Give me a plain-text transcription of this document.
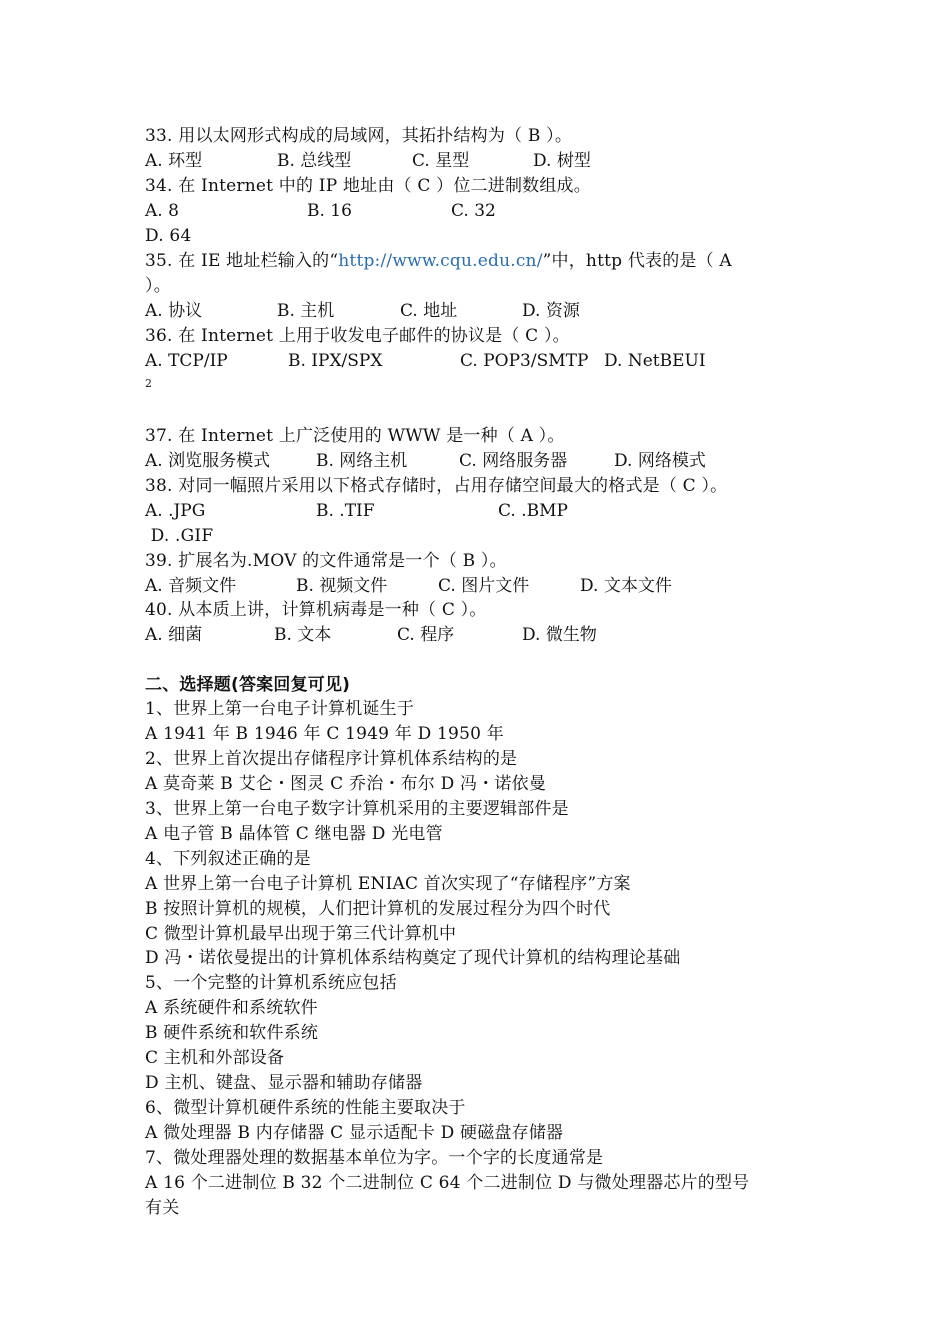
33. 用以太网形式构成的局域网，其拓扑结构为（ B ）。
A. 环型	B. 总线型	C. 星型	D. 树型
34. 在 Internet 中的 IP 地址由（ C ）位二进制数组成。
A. 8	B. 16	C. 32
D. 64
35. 在 IE 地址栏输入的“http://www.cqu.edu.cn/”中，http 代表的是（ A
）。
A. 协议	B. 主机	C. 地址	D. 资源
36. 在 Internet 上用于收发电子邮件的协议是（ C ）。
A. TCP/IP	B. IPX/SPX	C. POP3/SMTP D. NetBEUI
2
37. 在 Internet 上广泛使用的 WWW 是一种（ A ）。
A. 浏览服务模式	B. 网络主机	C. 网络服务器	D. 网络模式
38. 对同一幅照片采用以下格式存储时，占用存储空间最大的格式是（ C ）。
A. .JPG	B. .TIF	C. .BMP
D. .GIF
39. 扩展名为.MOV 的文件通常是一个（ B ）。
A. 音频文件	B. 视频文件	C. 图片文件	D. 文本文件
40. 从本质上讲，计算机病毒是一种（ C ）。
A. 细菌	B. 文本	C. 程序	D. 微生物
二、选择题(答案回复可见)
1、世界上第一台电子计算机诞生于
A 1941 年 B 1946 年 C 1949 年 D 1950 年
2、世界上首次提出存储程序计算机体系结构的是
A 莫奇莱 B 艾仑・图灵 C 乔治・布尔 D 冯・诺依曼
3、世界上第一台电子数字计算机采用的主要逻辑部件是
A 电子管 B 晶体管 C 继电器 D 光电管
4、下列叙述正确的是
A 世界上第一台电子计算机 ENIAC 首次实现了“存储程序”方案
B 按照计算机的规模，人们把计算机的发展过程分为四个时代
C 微型计算机最早出现于第三代计算机中
D 冯・诺依曼提出的计算机体系结构奠定了现代计算机的结构理论基础
5、一个完整的计算机系统应包括
A 系统硬件和系统软件
B 硬件系统和软件系统
C 主机和外部设备
D 主机、键盘、显示器和辅助存储器
6、微型计算机硬件系统的性能主要取决于
A 微处理器 B 内存储器 C 显示适配卡 D 硬磁盘存储器
7、微处理器处理的数据基本单位为字。一个字的长度通常是
A 16 个二进制位 B 32 个二进制位 C 64 个二进制位 D 与微处理器芯片的型号
有关
